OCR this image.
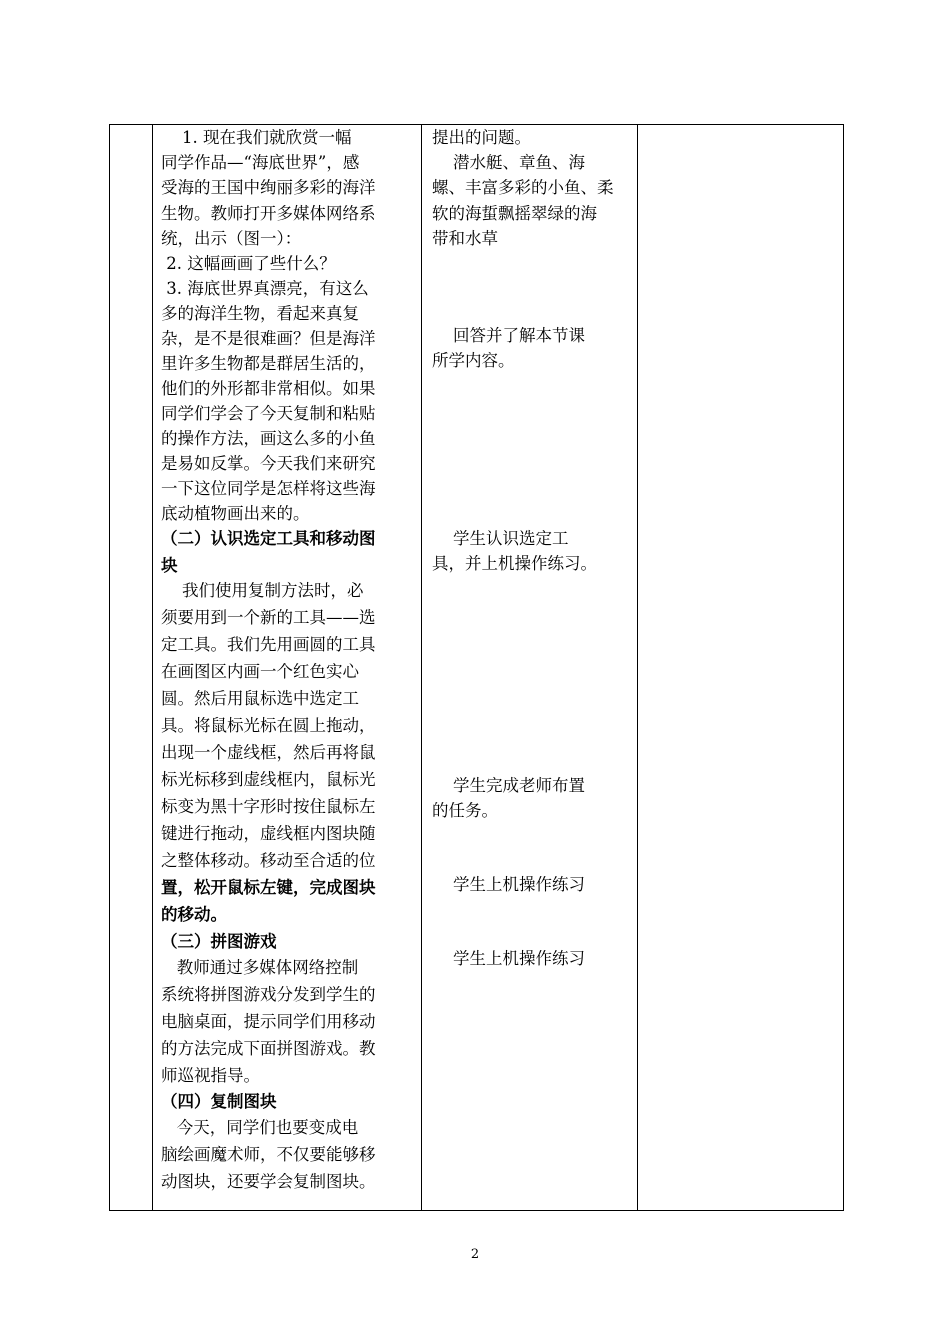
1. 现在我们就欣赏一幅
同学作品—“海底世界”，感
受海的王国中绚丽多彩的海洋
生物。教师打开多媒体网络系
统，出示（图一）：
2. 这幅画画了些什么？
3. 海底世界真漂亮，有这么
多的海洋生物，看起来真复
杂，是不是很难画？但是海洋
里许多生物都是群居生活的，
他们的外形都非常相似。如果
同学们学会了今天复制和粘贴
的操作方法，画这么多的小鱼
是易如反掌。今天我们来研究
一下这位同学是怎样将这些海
底动植物画出来的。
（二）认识选定工具和移动图
块
我们使用复制方法时，必
须要用到一个新的工具——选
定工具。我们先用画圆的工具
在画图区内画一个红色实心
圆。然后用鼠标选中选定工
具。将鼠标光标在圆上拖动，
出现一个虚线框，然后再将鼠
标光标移到虚线框内，鼠标光
标变为黑十字形时按住鼠标左
键进行拖动，虚线框内图块随
之整体移动。移动至合适的位
置，松开鼠标左键，完成图块
的移动。
（三）拼图游戏
教师通过多媒体网络控制
系统将拼图游戏分发到学生的
电脑桌面，提示同学们用移动
的方法完成下面拼图游戏。教
师巡视指导。
（四）复制图块
今天，同学们也要变成电
脑绘画魔术师，不仅要能够移
动图块，还要学会复制图块。

提出的问题。
潜水艇、章鱼、海
螺、丰富多彩的小鱼、柔
软的海蜇飘摇翠绿的海
带和水草
回答并了解本节课
所学内容。
学生认识选定工
具，并上机操作练习。
学生完成老师布置
的任务。
学生上机操作练习
学生上机操作练习

2
